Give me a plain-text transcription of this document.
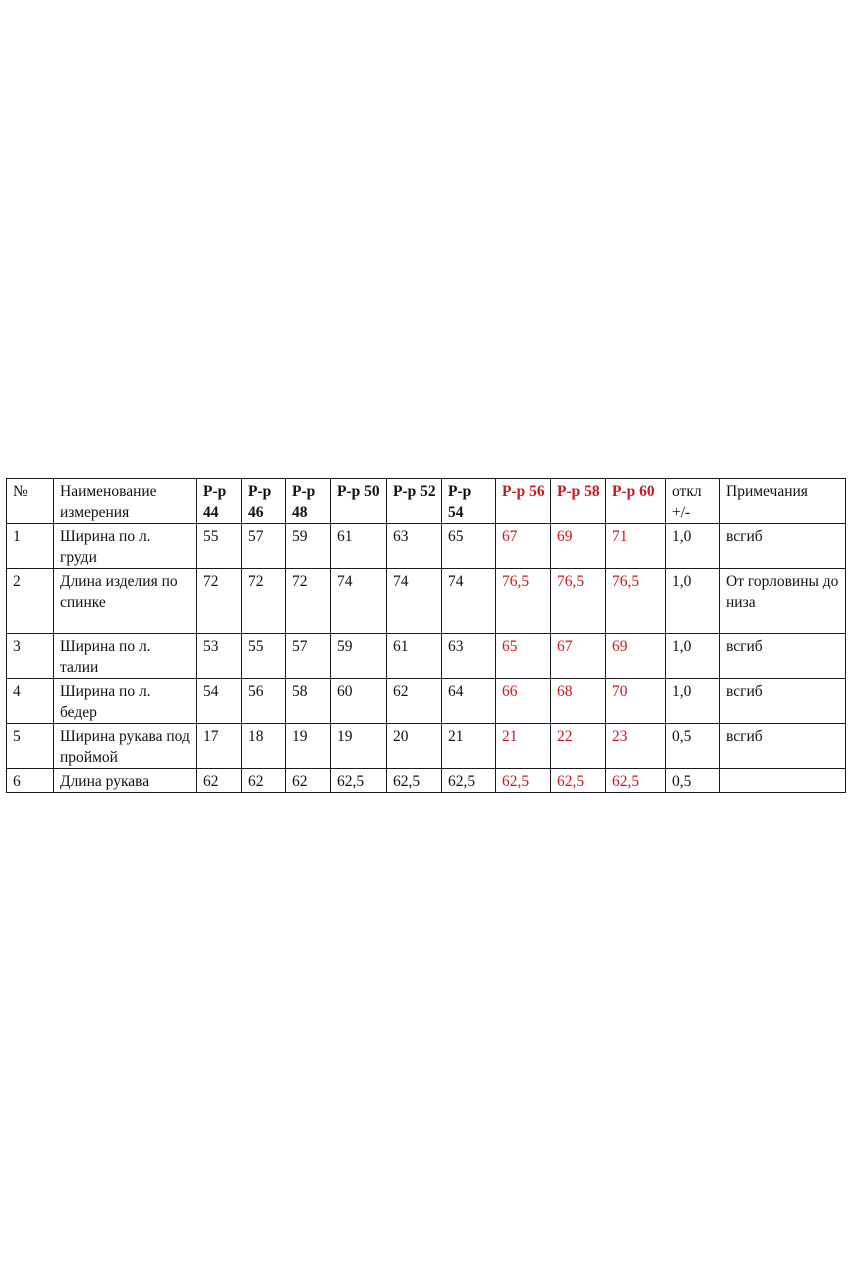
№	Наименование измерения	Р-р 44	Р-р 46	Р-р 48	Р-р 50	Р-р 52	Р-р 54	Р-р 56	Р-р 58	Р-р 60	откл +/-	Примечания
1	Ширина по л. груди	55	57	59	61	63	65	67	69	71	1,0	всгиб
2	Длина изделия по спинке	72	72	72	74	74	74	76,5	76,5	76,5	1,0	От горловины до низа
3	Ширина по л. талии	53	55	57	59	61	63	65	67	69	1,0	всгиб
4	Ширина по л. бедер	54	56	58	60	62	64	66	68	70	1,0	всгиб
5	Ширина рукава под проймой	17	18	19	19	20	21	21	22	23	0,5	всгиб
6	Длина рукава	62	62	62	62,5	62,5	62,5	62,5	62,5	62,5	0,5	
